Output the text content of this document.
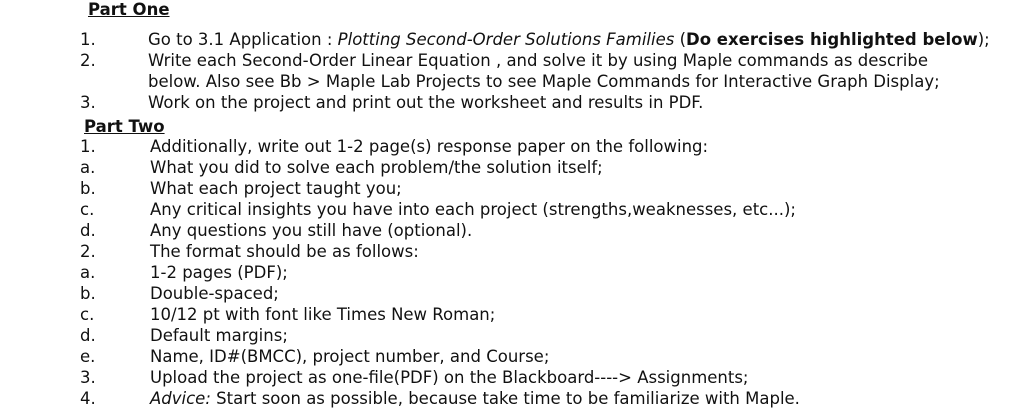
Part One
1.	Go to 3.1 Application : Plotting Second-Order Solutions Families (Do exercises highlighted below);
2.	Write each Second-Order Linear Equation , and solve it by using Maple commands as describe
below. Also see Bb > Maple Lab Projects to see Maple Commands for Interactive Graph Display;
3.	Work on the project and print out the worksheet and results in PDF.
Part Two
1.	Additionally, write out 1-2 page(s) response paper on the following:
a.	What you did to solve each problem/the solution itself;
b.	What each project taught you;
c.	Any critical insights you have into each project (strengths,weaknesses, etc...);
d.	Any questions you still have (optional).
2.	The format should be as follows:
a.	1-2 pages (PDF);
b.	Double-spaced;
c.	10/12 pt with font like Times New Roman;
d.	Default margins;
e.	Name, ID#(BMCC), project number, and Course;
3.	Upload the project as one-file(PDF) on the Blackboard----> Assignments;
4.	Advice: Start soon as possible, because take time to be familiarize with Maple.
